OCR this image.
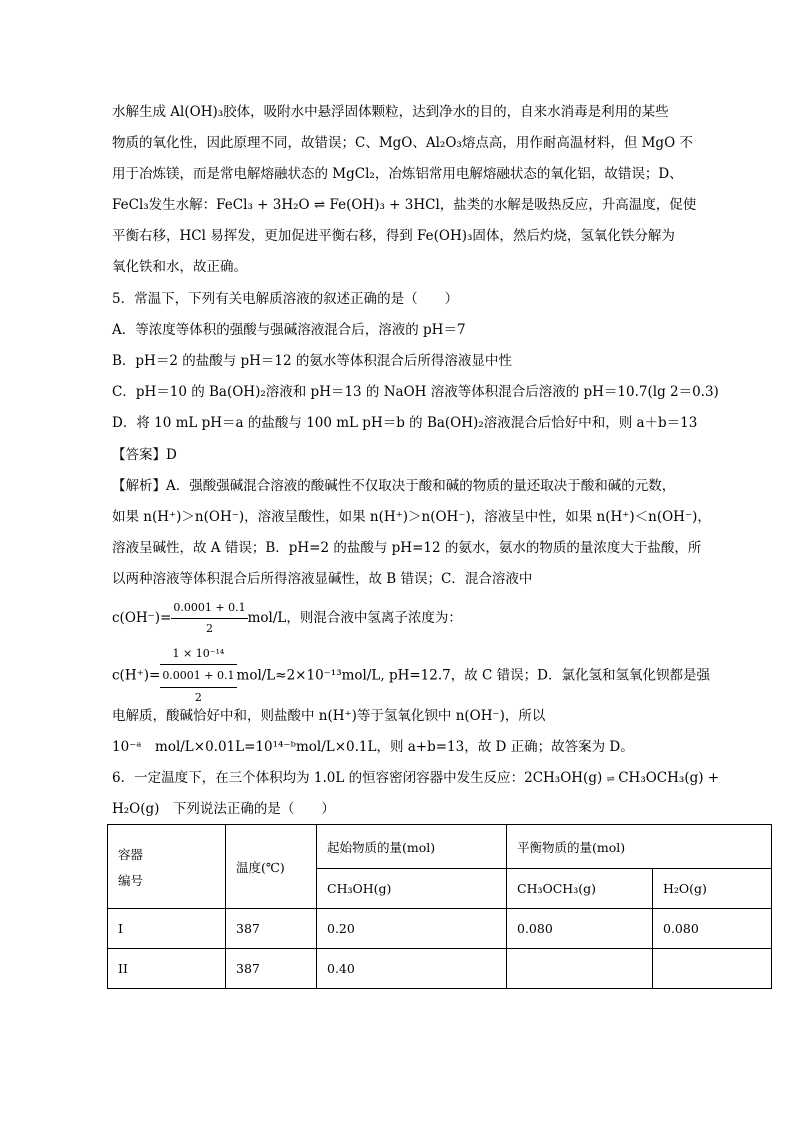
水解生成 Al(OH)₃胶体，吸附水中悬浮固体颗粒，达到净水的目的，自来水消毒是利用的某些
物质的氧化性，因此原理不同，故错误；C、MgO、Al₂O₃熔点高，用作耐高温材料，但 MgO 不
用于冶炼镁，而是常电解熔融状态的 MgCl₂，冶炼铝常用电解熔融状态的氧化铝，故错误；D、
FeCl₃发生水解：FeCl₃ + 3H₂O ⇌ Fe(OH)₃ + 3HCl，盐类的水解是吸热反应，升高温度，促使
平衡右移，HCl 易挥发，更加促进平衡右移，得到 Fe(OH)₃固体，然后灼烧，氢氧化铁分解为
氧化铁和水，故正确。
5．常温下，下列有关电解质溶液的叙述正确的是（　　）
A．等浓度等体积的强酸与强碱溶液混合后，溶液的 pH＝7
B．pH＝2 的盐酸与 pH＝12 的氨水等体积混合后所得溶液显中性
C．pH＝10 的 Ba(OH)₂溶液和 pH＝13 的 NaOH 溶液等体积混合后溶液的 pH＝10.7(lg 2＝0.3)
D．将 10 mL pH＝a 的盐酸与 100 mL pH＝b 的 Ba(OH)₂溶液混合后恰好中和，则 a＋b＝13
【答案】D
【解析】A．强酸强碱混合溶液的酸碱性不仅取决于酸和碱的物质的量还取决于酸和碱的元数，
如果 n(H⁺)＞n(OH⁻)，溶液呈酸性，如果 n(H⁺)＞n(OH⁻)，溶液呈中性，如果 n(H⁺)＜n(OH⁻)，
溶液呈碱性，故 A 错误；B．pH=2 的盐酸与 pH=12 的氨水，氨水的物质的量浓度大于盐酸，所
以两种溶液等体积混合后所得溶液显碱性，故 B 错误；C．混合溶液中
$c(OH^-)= \frac{0.0001 + 0.1}{2} mol/L$，则混合液中氢离子浓度为：
c(H⁺)=
1 × 10⁻¹⁴
0.0001 + 0.1
2
mol/L≈2×10⁻¹³mol/L, pH=12.7，故 C 错误；D．氯化氢和氢氧化钡都是强
电解质，酸碱恰好中和，则盐酸中 n(H⁺)等于氢氧化钡中 n(OH⁻)，所以
10⁻ᵃ　mol/L×0.01L=10¹⁴⁻ᵇmol/L×0.1L，则 a+b=13，故 D 正确；故答案为 D。
6．一定温度下，在三个体积均为 1.0L 的恒容密闭容器中发生反应：2CH₃OH(g) ⇌ CH₃OCH₃(g) +
H₂O(g)　下列说法正确的是（　　）
容器
编号	温度(℃)	起始物质的量(mol)	平衡物质的量(mol)	
		CH₃OH(g)	CH₃OCH₃(g)	H₂O(g)
I	387	0.20	0.080	0.080
II	387	0.40		
